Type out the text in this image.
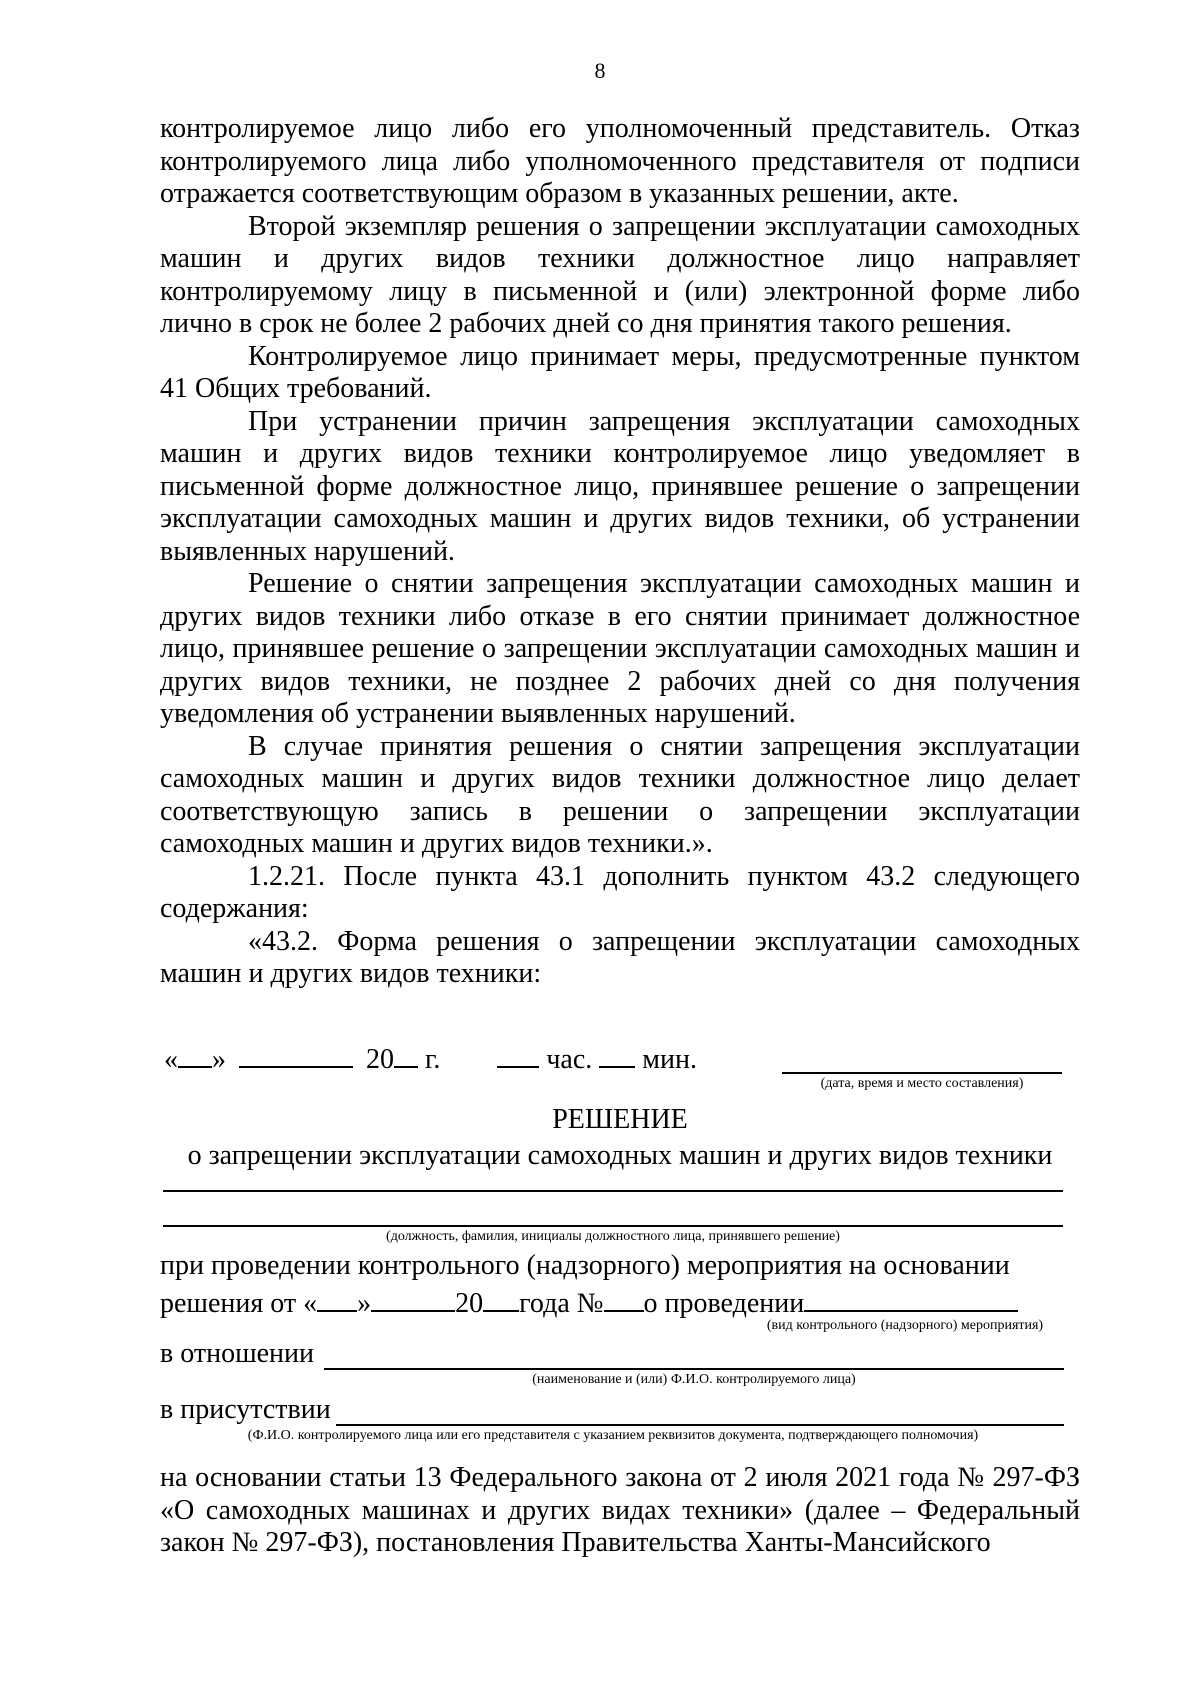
8

контролируемое лицо либо его уполномоченный представитель. Отказ контролируемого лица либо уполномоченного представителя от подписи отражается соответствующим образом в указанных решении, акте.

Второй экземпляр решения о запрещении эксплуатации самоходных машин и других видов техники должностное лицо направляет контролируемому лицу в письменной и (или) электронной форме либо лично в срок не более 2 рабочих дней со дня принятия такого решения.

Контролируемое лицо принимает меры, предусмотренные пунктом 41 Общих требований.

При устранении причин запрещения эксплуатации самоходных машин и других видов техники контролируемое лицо уведомляет в письменной форме должностное лицо, принявшее решение о запрещении эксплуатации самоходных машин и других видов техники, об устранении выявленных нарушений.

Решение о снятии запрещения эксплуатации самоходных машин и других видов техники либо отказе в его снятии принимает должностное лицо, принявшее решение о запрещении эксплуатации самоходных машин и других видов техники, не позднее 2 рабочих дней со дня получения уведомления об устранении выявленных нарушений.

В случае принятия решения о снятии запрещения эксплуатации самоходных машин и других видов техники должностное лицо делает соответствующую запись в решении о запрещении эксплуатации самоходных машин и других видов техники.».

1.2.21. После пункта 43.1 дополнить пунктом 43.2 следующего содержания:

«43.2. Форма решения о запрещении эксплуатации самоходных машин и других видов техники:

« »	20 г.	час. мин.
(дата, время и место составления)
РЕШЕНИЕ
о запрещении эксплуатации самоходных машин и других видов техники
(должность, фамилия, инициалы должностного лица, принявшего решение)
при проведении контрольного (надзорного) мероприятия на основании
решения от « »	20 года № о проведении
(вид контрольного (надзорного) мероприятия)
в отношении
(наименование и (или) Ф.И.О. контролируемого лица)
в присутствии
(Ф.И.О. контролируемого лица или его представителя с указанием реквизитов документа, подтверждающего полномочия)

на основании статьи 13 Федерального закона от 2 июля 2021 года № 297-ФЗ «О самоходных машинах и других видах техники» (далее – Федеральный закон № 297-ФЗ), постановления Правительства Ханты-Мансийского
